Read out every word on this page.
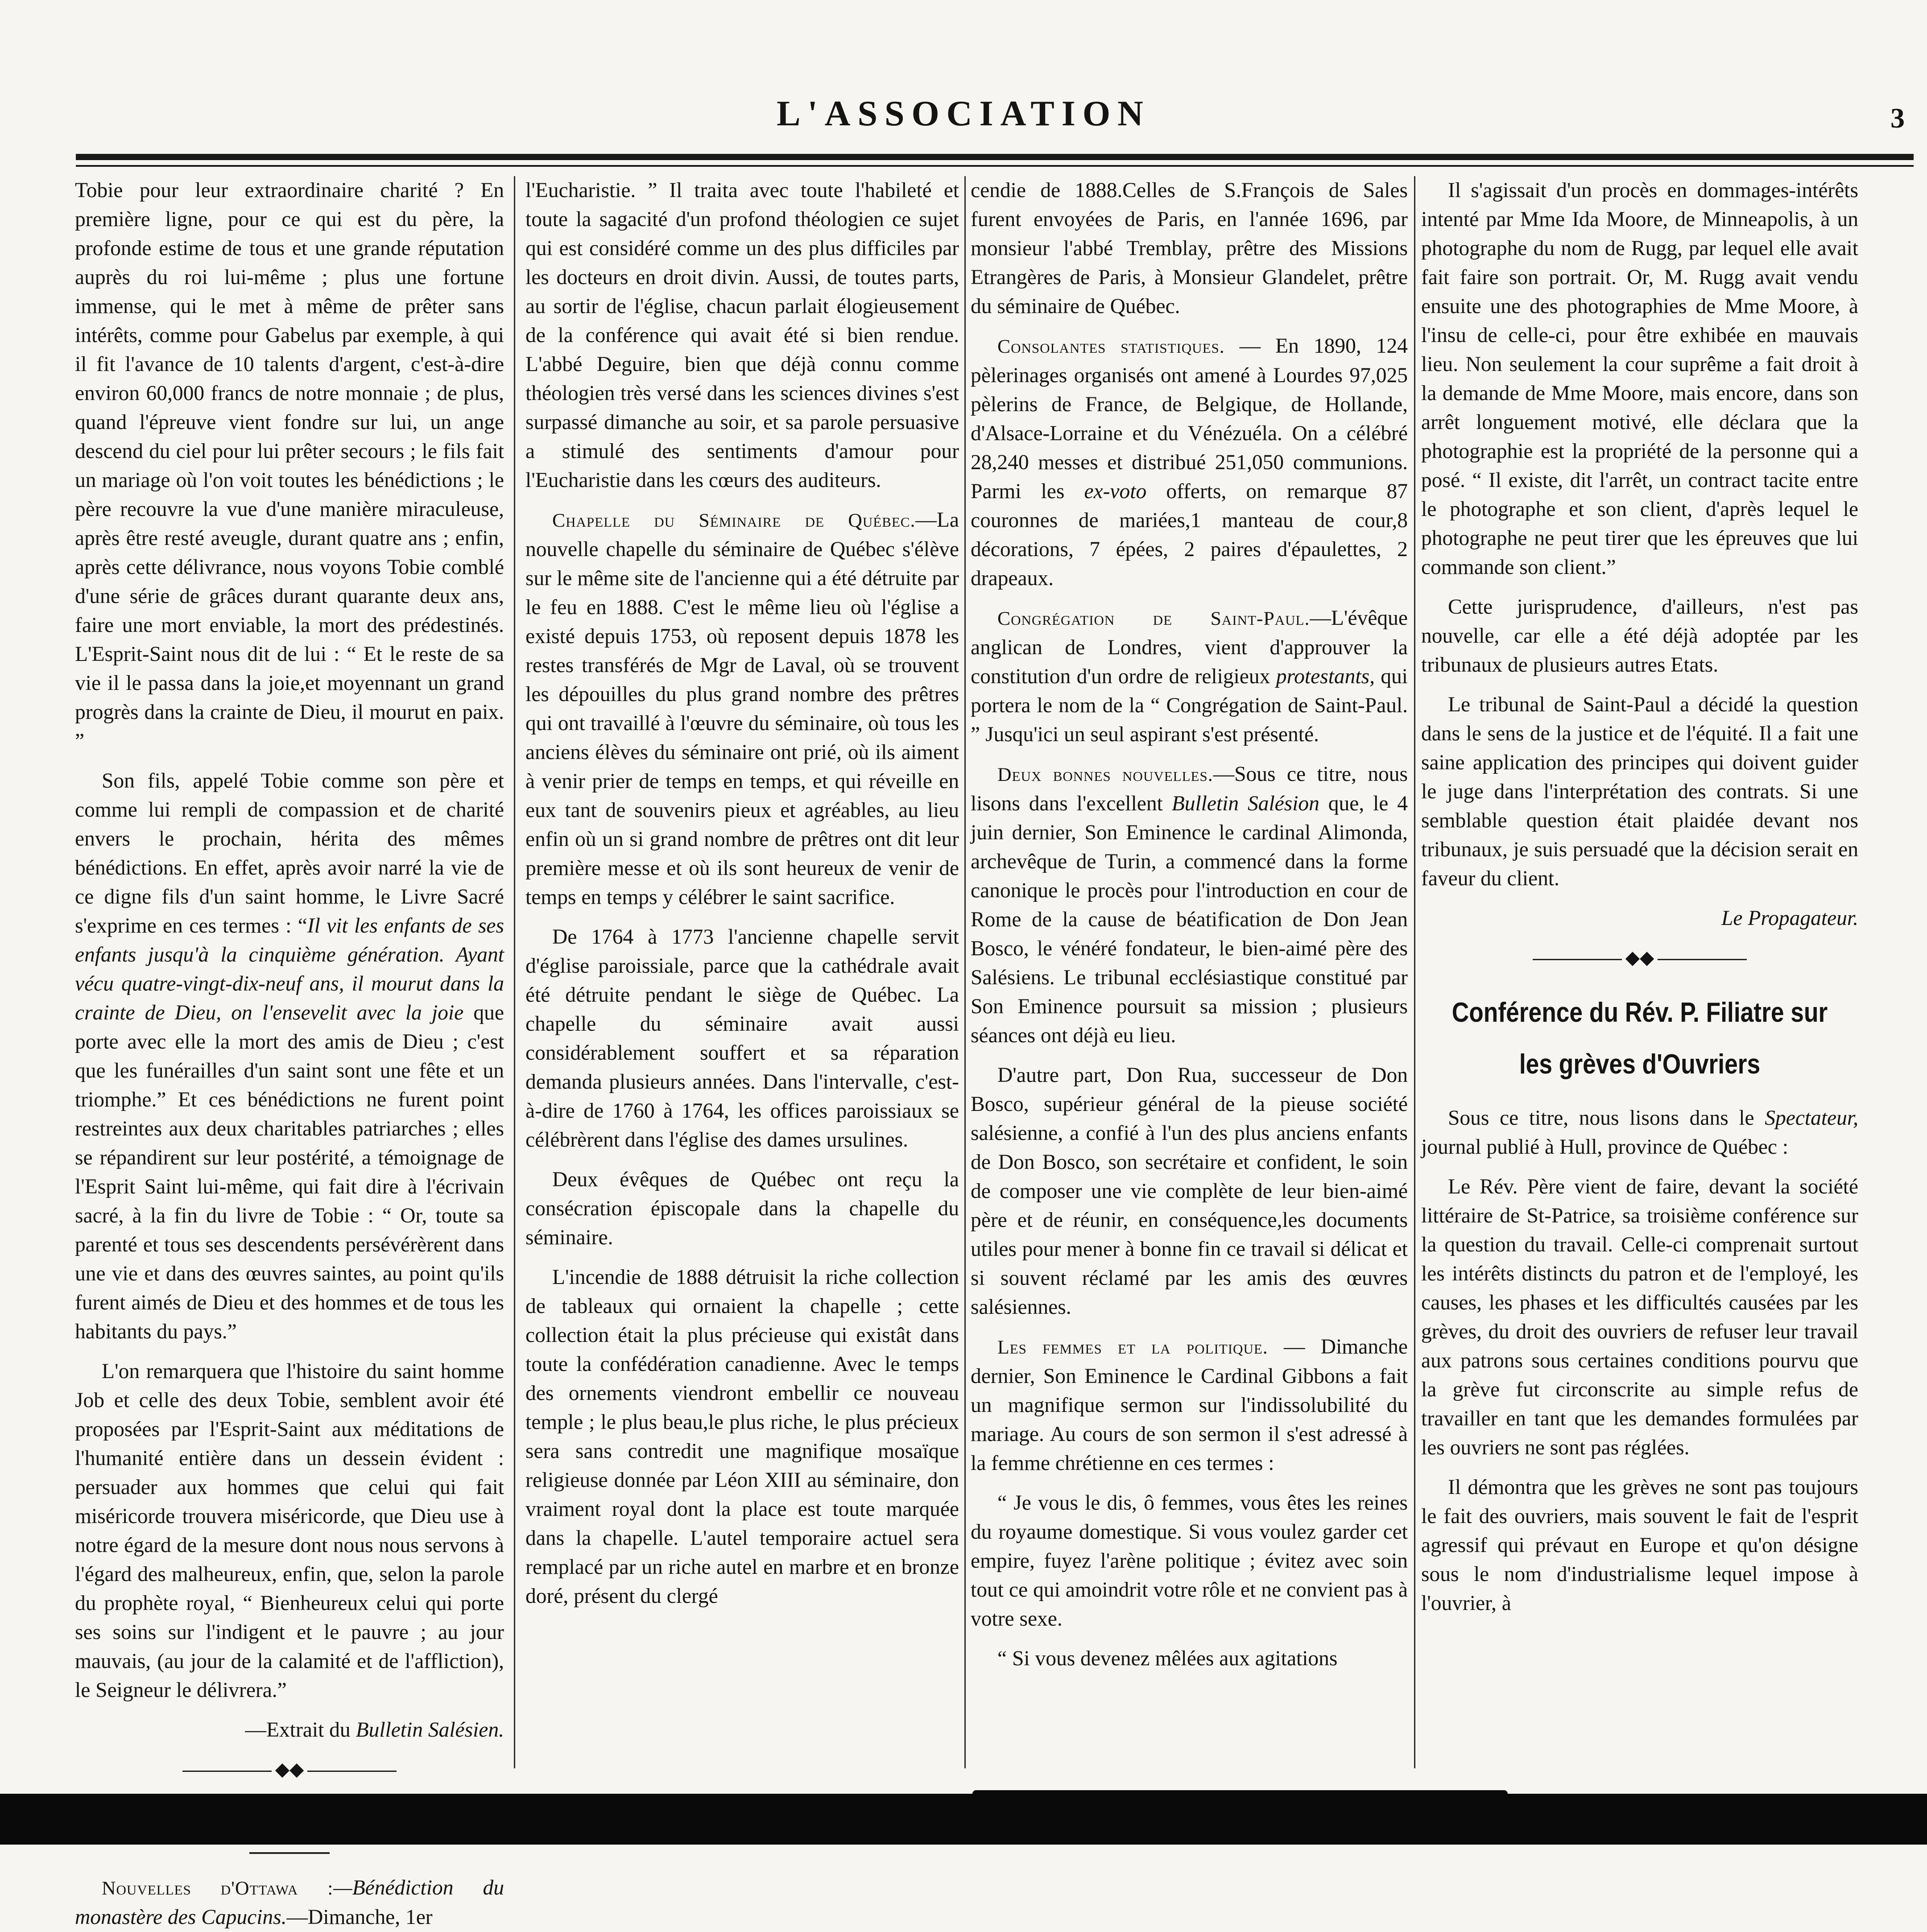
L'ASSOCIATION	3

Tobie pour leur extraordinaire charité ? En première ligne, pour ce qui est du père, la profonde estime de tous et une grande réputation auprès du roi lui-même ; plus une fortune immense, qui le met à même de prêter sans intérêts, comme pour Gabelus par exemple, à qui il fit l'avance de 10 talents d'argent, c'est-à-dire environ 60,000 francs de notre monnaie ; de plus, quand l'épreuve vient fondre sur lui, un ange descend du ciel pour lui prêter secours ; le fils fait un mariage où l'on voit toutes les bénédictions ; le père recouvre la vue d'une manière miraculeuse, après être resté aveugle, durant quatre ans ; enfin, après cette délivrance, nous voyons Tobie comblé d'une série de grâces durant quarante deux ans, faire une mort enviable, la mort des prédestinés. L'Esprit-Saint nous dit de lui : “ Et le reste de sa vie il le passa dans la joie,et moyennant un grand progrès dans la crainte de Dieu, il mourut en paix. ”

Son fils, appelé Tobie comme son père et comme lui rempli de compassion et de charité envers le prochain, hérita des mêmes bénédictions. En effet, après avoir narré la vie de ce digne fils d'un saint homme, le Livre Sacré s'exprime en ces termes : “Il vit les enfants de ses enfants jusqu'à la cinquième génération. Ayant vécu quatre-vingt-dix-neuf ans, il mourut dans la crainte de Dieu, on l'ensevelit avec la joie que porte avec elle la mort des amis de Dieu ; c'est que les funérailles d'un saint sont une fête et un triomphe.” Et ces bénédictions ne furent point restreintes aux deux charitables patriarches ; elles se répandirent sur leur postérité, a témoignage de l'Esprit Saint lui-même, qui fait dire à l'écrivain sacré, à la fin du livre de Tobie : “ Or, toute sa parenté et tous ses descendents persévérèrent dans une vie et dans des œuvres saintes, au point qu'ils furent aimés de Dieu et des hommes et de tous les habitants du pays.”

L'on remarquera que l'histoire du saint homme Job et celle des deux Tobie, semblent avoir été proposées par l'Esprit-Saint aux méditations de l'humanité entière dans un dessein évident : persuader aux hommes que celui qui fait miséricorde trouvera miséricorde, que Dieu use à notre égard de la mesure dont nous nous servons à l'égard des malheureux, enfin, que, selon la parole du prophète royal, “ Bienheureux celui qui porte ses soins sur l'indigent et le pauvre ; au jour mauvais, (au jour de la calamité et de l'affliction), le Seigneur le délivrera.”

—Extrait du Bulletin Salésien.

◆◆

Nouvelles d'Ottawa :—Bénédiction du monastère des Capucins.—Dimanche, 1er

l'Eucharistie. ” Il traita avec toute l'habileté et toute la sagacité d'un profond théologien ce sujet qui est considéré comme un des plus difficiles par les docteurs en droit divin. Aussi, de toutes parts, au sortir de l'église, chacun parlait élogieusement de la conférence qui avait été si bien rendue. L'abbé Deguire, bien que déjà connu comme théologien très versé dans les sciences divines s'est surpassé dimanche au soir, et sa parole persuasive a stimulé des sentiments d'amour pour l'Eucharistie dans les cœurs des auditeurs.

Chapelle du Séminaire de Québec.—La nouvelle chapelle du séminaire de Québec s'élève sur le même site de l'ancienne qui a été détruite par le feu en 1888. C'est le même lieu où l'église a existé depuis 1753, où reposent depuis 1878 les restes transférés de Mgr de Laval, où se trouvent les dépouilles du plus grand nombre des prêtres qui ont travaillé à l'œuvre du séminaire, où tous les anciens élèves du séminaire ont prié, où ils aiment à venir prier de temps en temps, et qui réveille en eux tant de souvenirs pieux et agréables, au lieu enfin où un si grand nombre de prêtres ont dit leur première messe et où ils sont heureux de venir de temps en temps y célébrer le saint sacrifice.

De 1764 à 1773 l'ancienne chapelle servit d'église paroissiale, parce que la cathédrale avait été détruite pendant le siège de Québec. La chapelle du séminaire avait aussi considérablement souffert et sa réparation demanda plusieurs années. Dans l'intervalle, c'est-à-dire de 1760 à 1764, les offices paroissiaux se célébrèrent dans l'église des dames ursulines.

Deux évêques de Québec ont reçu la consécration épiscopale dans la chapelle du séminaire.

L'incendie de 1888 détruisit la riche collection de tableaux qui ornaient la chapelle ; cette collection était la plus précieuse qui existât dans toute la confédération canadienne. Avec le temps des ornements viendront embellir ce nouveau temple ; le plus beau,le plus riche, le plus précieux sera sans contredit une magnifique mosaïque religieuse donnée par Léon XIII au séminaire, don vraiment royal dont la place est toute marquée dans la chapelle. L'autel temporaire actuel sera remplacé par un riche autel en marbre et en bronze doré, présent du clergé

cendie de 1888.Celles de S.François de Sales furent envoyées de Paris, en l'année 1696, par monsieur l'abbé Tremblay, prêtre des Missions Etrangères de Paris, à Monsieur Glandelet, prêtre du séminaire de Québec.

Consolantes statistiques. — En 1890, 124 pèlerinages organisés ont amené à Lourdes 97,025 pèlerins de France, de Belgique, de Hollande, d'Alsace-Lorraine et du Vénézuéla. On a célébré 28,240 messes et distribué 251,050 communions. Parmi les ex-voto offerts, on remarque 87 couronnes de mariées,1 manteau de cour,8 décorations, 7 épées, 2 paires d'épaulettes, 2 drapeaux.

Congrégation de Saint-Paul.—L'évêque anglican de Londres, vient d'approuver la constitution d'un ordre de religieux protestants, qui portera le nom de la “ Congrégation de Saint-Paul. ” Jusqu'ici un seul aspirant s'est présenté.

Deux bonnes nouvelles.—Sous ce titre, nous lisons dans l'excellent Bulletin Salésion que, le 4 juin dernier, Son Eminence le cardinal Alimonda, archevêque de Turin, a commencé dans la forme canonique le procès pour l'introduction en cour de Rome de la cause de béatification de Don Jean Bosco, le vénéré fondateur, le bien-aimé père des Salésiens. Le tribunal ecclésiastique constitué par Son Eminence poursuit sa mission ; plusieurs séances ont déjà eu lieu.

D'autre part, Don Rua, successeur de Don Bosco, supérieur général de la pieuse société salésienne, a confié à l'un des plus anciens enfants de Don Bosco, son secrétaire et confident, le soin de composer une vie complète de leur bien-aimé père et de réunir, en conséquence,les documents utiles pour mener à bonne fin ce travail si délicat et si souvent réclamé par les amis des œuvres salésiennes.

Les femmes et la politique. — Dimanche dernier, Son Eminence le Cardinal Gibbons a fait un magnifique sermon sur l'indissolubilité du mariage. Au cours de son sermon il s'est adressé à la femme chrétienne en ces termes :

“ Je vous le dis, ô femmes, vous êtes les reines du royaume domestique. Si vous voulez garder cet empire, fuyez l'arène politique ; évitez avec soin tout ce qui amoindrit votre rôle et ne convient pas à votre sexe.

“ Si vous devenez mêlées aux agitations

Il s'agissait d'un procès en dommages-intérêts intenté par Mme Ida Moore, de Minneapolis, à un photographe du nom de Rugg, par lequel elle avait fait faire son portrait. Or, M. Rugg avait vendu ensuite une des photographies de Mme Moore, à l'insu de celle-ci, pour être exhibée en mauvais lieu. Non seulement la cour suprême a fait droit à la demande de Mme Moore, mais encore, dans son arrêt longuement motivé, elle déclara que la photographie est la propriété de la personne qui a posé. “ Il existe, dit l'arrêt, un contract tacite entre le photographe et son client, d'après lequel le photographe ne peut tirer que les épreuves que lui commande son client.”

Cette jurisprudence, d'ailleurs, n'est pas nouvelle, car elle a été déjà adoptée par les tribunaux de plusieurs autres Etats.

Le tribunal de Saint-Paul a décidé la question dans le sens de la justice et de l'équité. Il a fait une saine application des principes qui doivent guider le juge dans l'interprétation des contrats. Si une semblable question était plaidée devant nos tribunaux, je suis persuadé que la décision serait en faveur du client.

Le Propagateur.

◆◆
Conférence du Rév. P. Filiatre sur les grèves d'Ouvriers

Sous ce titre, nous lisons dans le Spectateur, journal publié à Hull, province de Québec :

Le Rév. Père vient de faire, devant la société littéraire de St-Patrice, sa troisième conférence sur la question du travail. Celle-ci comprenait surtout les intérêts distincts du patron et de l'employé, les causes, les phases et les difficultés causées par les grèves, du droit des ouvriers de refuser leur travail aux patrons sous certaines conditions pourvu que la grève fut circonscrite au simple refus de travailler en tant que les demandes formulées par les ouvriers ne sont pas réglées.

Il démontra que les grèves ne sont pas toujours le fait des ouvriers, mais souvent le fait de l'esprit agressif qui prévaut en Europe et qu'on désigne sous le nom d'industrialisme lequel impose à l'ouvrier, à
